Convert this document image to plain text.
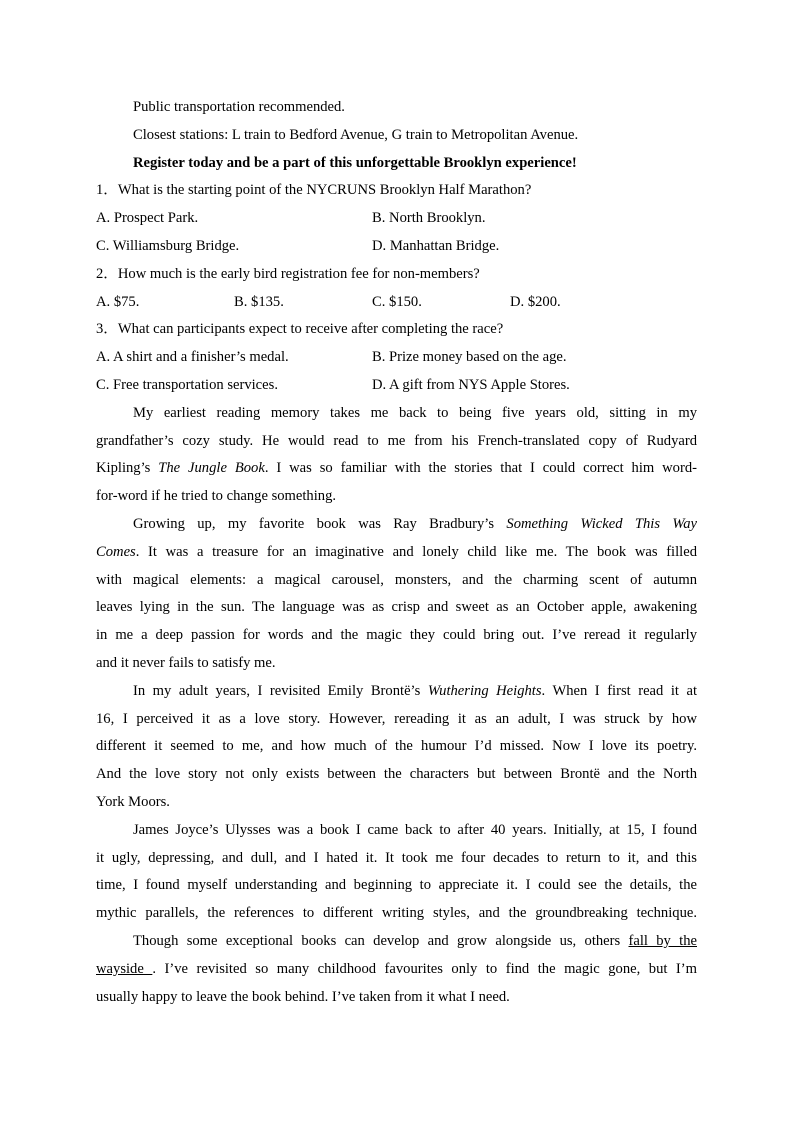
Public transportation recommended.
Closest stations: L train to Bedford Avenue, G train to Metropolitan Avenue.
Register today and be a part of this unforgettable Brooklyn experience!
1．What is the starting point of the NYCRUNS Brooklyn Half Marathon?
A. Prospect Park.	B. North Brooklyn.
C. Williamsburg Bridge.	D. Manhattan Bridge.
2．How much is the early bird registration fee for non-members?
A. $75.	B. $135.	C. $150.	D. $200.
3．What can participants expect to receive after completing the race?
A. A shirt and a finisher’s medal.	B. Prize money based on the age.
C. Free transportation services.	D. A gift from NYS Apple Stores.
My earliest reading memory takes me back to being five years old, sitting in my
grandfather’s cozy study. He would read to me from his French-translated copy of Rudyard
Kipling’s The Jungle Book. I was so familiar with the stories that I could correct him word-
for-word if he tried to change something.
Growing up, my favorite book was Ray Bradbury’s Something Wicked This Way
Comes. It was a treasure for an imaginative and lonely child like me. The book was filled
with magical elements: a magical carousel, monsters, and the charming scent of autumn
leaves lying in the sun. The language was as crisp and sweet as an October apple, awakening
in me a deep passion for words and the magic they could bring out. I’ve reread it regularly
and it never fails to satisfy me.
In my adult years, I revisited Emily Brontë’s Wuthering Heights. When I first read it at
16, I perceived it as a love story. However, rereading it as an adult, I was struck by how
different it seemed to me, and how much of the humour I’d missed. Now I love its poetry.
And the love story not only exists between the characters but between Brontë and the North
York Moors.
James Joyce’s Ulysses was a book I came back to after 40 years. Initially, at 15, I found
it ugly, depressing, and dull, and I hated it. It took me four decades to return to it, and this
time, I found myself understanding and beginning to appreciate it. I could see the details, the
mythic parallels, the references to different writing styles, and the groundbreaking technique.
Though some exceptional books can develop and grow alongside us, others fall by the
wayside . I’ve revisited so many childhood favourites only to find the magic gone, but I’m
usually happy to leave the book behind. I’ve taken from it what I need.
